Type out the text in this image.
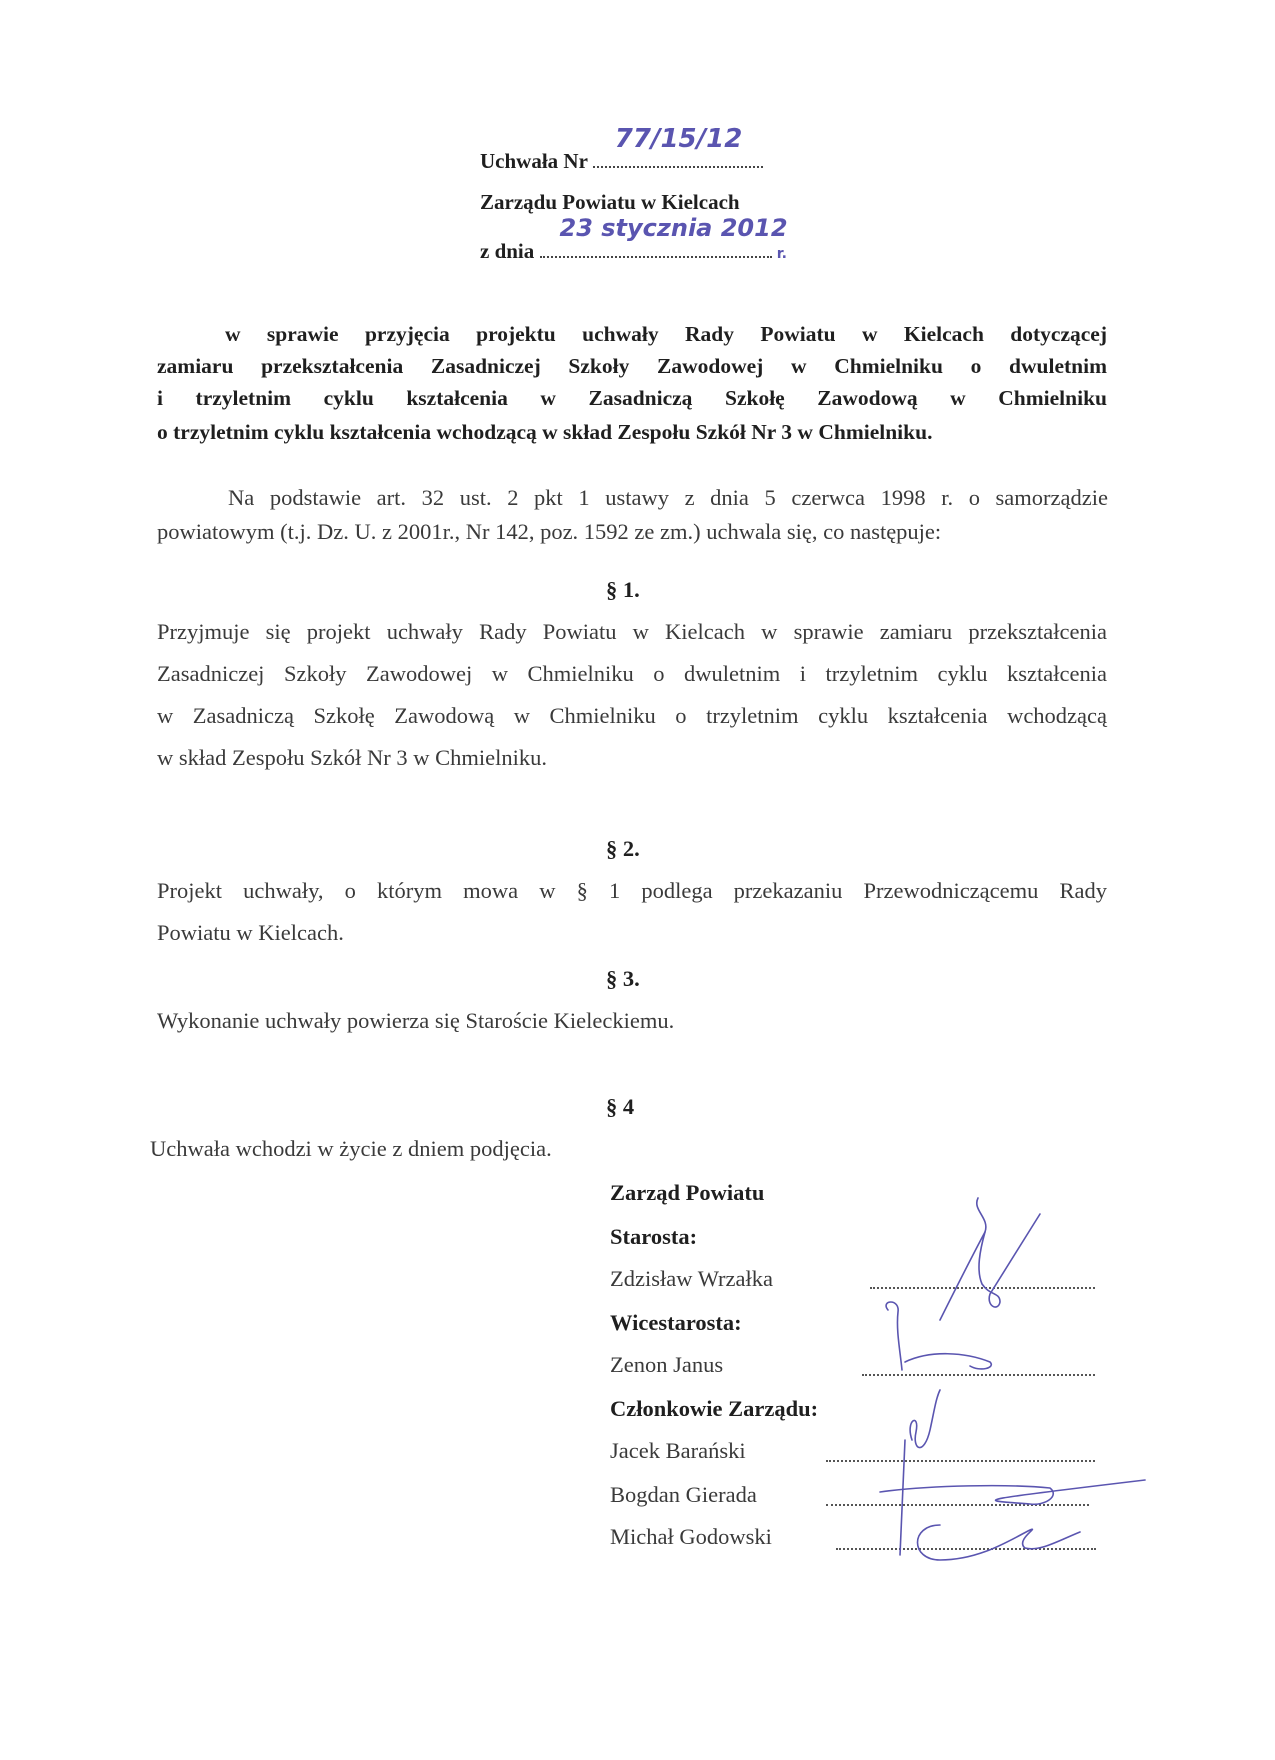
Uchwała Nr
77/15/12
Zarządu Powiatu w Kielcach
z dnia
23 stycznia 2012
r.
w sprawie przyjęcia projektu uchwały Rady Powiatu w Kielcach dotyczącej
zamiaru przekształcenia Zasadniczej Szkoły Zawodowej w Chmielniku o dwuletnim
i trzyletnim cyklu kształcenia w Zasadniczą Szkołę Zawodową w Chmielniku
o trzyletnim cyklu kształcenia wchodzącą w skład Zespołu Szkół Nr 3 w Chmielniku.
Na podstawie art. 32 ust. 2 pkt 1 ustawy z dnia 5 czerwca 1998 r. o samorządzie
powiatowym (t.j. Dz. U. z 2001r., Nr 142, poz. 1592 ze zm.) uchwala się, co następuje:
§ 1.
Przyjmuje się projekt uchwały Rady Powiatu w Kielcach w sprawie zamiaru przekształcenia
Zasadniczej Szkoły Zawodowej w Chmielniku o dwuletnim i trzyletnim cyklu kształcenia
w Zasadniczą Szkołę Zawodową w Chmielniku o trzyletnim cyklu kształcenia wchodzącą
w skład Zespołu Szkół Nr 3 w Chmielniku.
§ 2.
Projekt uchwały, o którym mowa w § 1 podlega przekazaniu Przewodniczącemu Rady
Powiatu w Kielcach.
§ 3.
Wykonanie uchwały powierza się Staroście Kieleckiemu.
§ 4
Uchwała wchodzi w życie z dniem podjęcia.
Zarząd Powiatu
Starosta:
Zdzisław Wrzałka
Wicestarosta:
Zenon Janus
Członkowie Zarządu:
Jacek Barański
Bogdan Gierada
Michał Godowski
